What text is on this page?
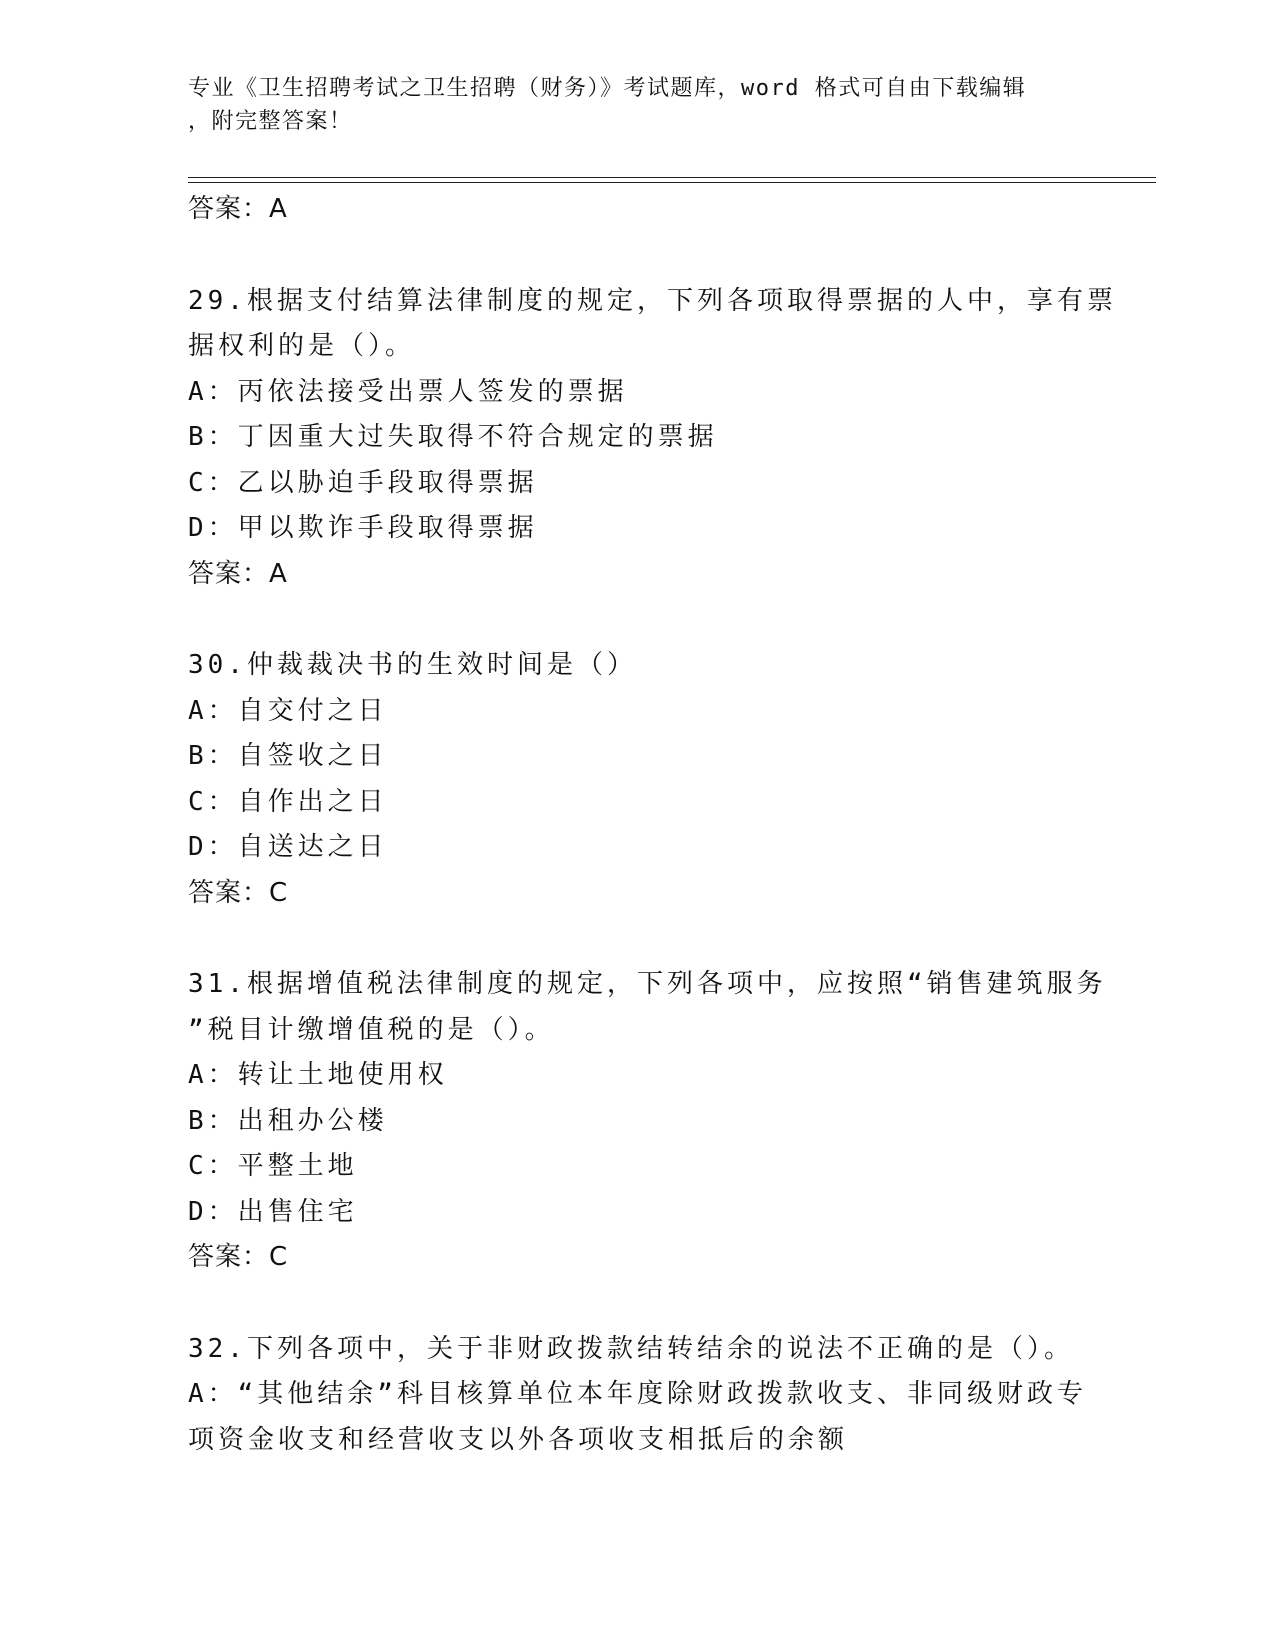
专业《卫生招聘考试之卫生招聘（财务）》考试题库，word 格式可自由下载编辑
，附完整答案！
答案：A
29.根据支付结算法律制度的规定，下列各项取得票据的人中，享有票
据权利的是（）。
A：丙依法接受出票人签发的票据
B：丁因重大过失取得不符合规定的票据
C：乙以胁迫手段取得票据
D：甲以欺诈手段取得票据
答案：A
30.仲裁裁决书的生效时间是（）
A：自交付之日
B：自签收之日
C：自作出之日
D：自送达之日
答案：C
31.根据增值税法律制度的规定，下列各项中，应按照“销售建筑服务
”税目计缴增值税的是（）。
A：转让土地使用权
B：出租办公楼
C：平整土地
D：出售住宅
答案：C
32.下列各项中，关于非财政拨款结转结余的说法不正确的是（）。
A：“其他结余”科目核算单位本年度除财政拨款收支、非同级财政专
项资金收支和经营收支以外各项收支相抵后的余额
